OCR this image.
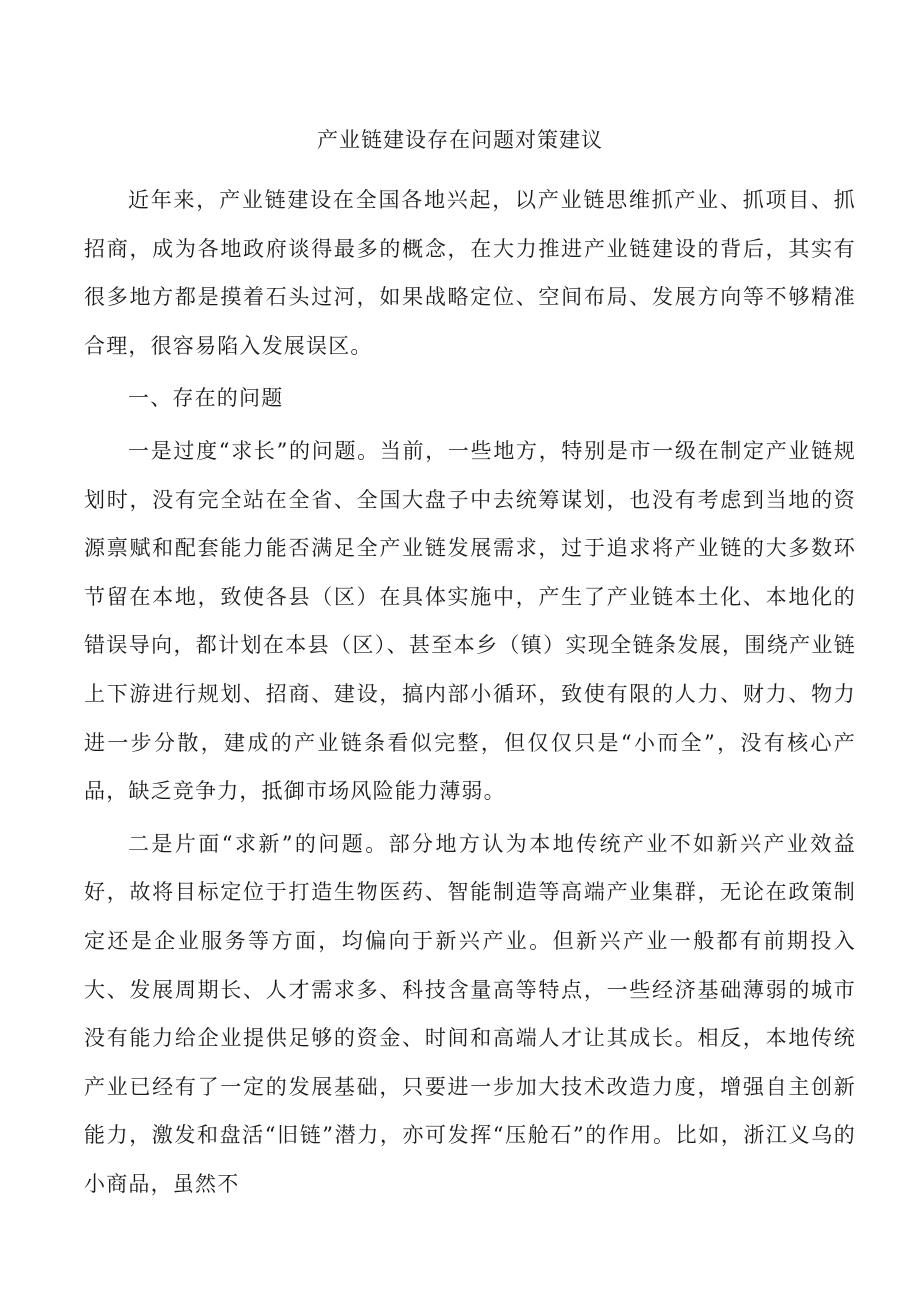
产业链建设存在问题对策建议

近年来，产业链建设在全国各地兴起，以产业链思维抓产业、抓项目、抓招商，成为各地政府谈得最多的概念，在大力推进产业链建设的背后，其实有很多地方都是摸着石头过河，如果战略定位、空间布局、发展方向等不够精准合理，很容易陷入发展误区。

一、存在的问题

一是过度“求长”的问题。当前，一些地方，特别是市一级在制定产业链规划时，没有完全站在全省、全国大盘子中去统筹谋划，也没有考虑到当地的资源禀赋和配套能力能否满足全产业链发展需求，过于追求将产业链的大多数环节留在本地，致使各县（区）在具体实施中，产生了产业链本土化、本地化的错误导向，都计划在本县（区）、甚至本乡（镇）实现全链条发展，围绕产业链上下游进行规划、招商、建设，搞内部小循环，致使有限的人力、财力、物力进一步分散，建成的产业链条看似完整，但仅仅只是“小而全”，没有核心产品，缺乏竞争力，抵御市场风险能力薄弱。

二是片面“求新”的问题。部分地方认为本地传统产业不如新兴产业效益好，故将目标定位于打造生物医药、智能制造等高端产业集群，无论在政策制定还是企业服务等方面，均偏向于新兴产业。但新兴产业一般都有前期投入大、发展周期长、人才需求多、科技含量高等特点，一些经济基础薄弱的城市没有能力给企业提供足够的资金、时间和高端人才让其成长。相反，本地传统产业已经有了一定的发展基础，只要进一步加大技术改造力度，增强自主创新能力，激发和盘活“旧链”潜力，亦可发挥“压舱石”的作用。比如，浙江义乌的小商品，虽然不
